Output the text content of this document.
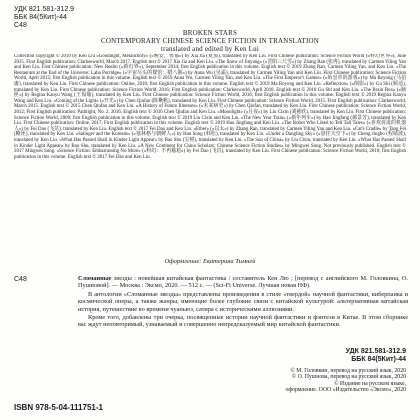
УДК 821.581-312.9
ББК 84(5Кит)-44
С48
BROKEN STARS
CONTEMPORARY CHINESE SCIENCE FICTION IN TRANSLATION
translated and edited by Ken Lui
Collection copyright © 2019 by Ken Liu «Goodnight, Melancholy» («晚安，忧郁») by Xia Jia (夏笳), translated by Ken Liu. First Chinese publication: Science Fiction World («科幻世界»), June 2015. First English publication: Clarkesworld, March 2017. English text © 2017 Xia Jia and Ken Liu. «The Snow of Jinyang» («晋阳三尺雪») by Zhang Ran (张冉), translated by Carmen Yiling Yan and Ken Liu. First Chinese publication: New Realm («新幻界»), September 2014; first English publication in this volume. English text © 2019 Zhang Ran, Carmen Yiling Yan, and Ken Liu. «The Restaurant at the End of the Universe: Laba Porridge» («宇宙尽头的餐馆：腊八粥») by Anna Wu (吴霜), translated by Carmen Yiling Yan and Ken Liu. First Chinese publication: Science Fiction World, April 2015; first English publication in this volume. English text © 2019 Anna Wu, Carmen Yiling Yan, and Ken Liu. «The First Emperor's Games» («始皇帝的游戏») by Ma Boyong (马伯庸), translated by Ken Liu. First Chinese publication: Online, 2010; first English publication in this volume. English text © 2019 Ma Boyong and Ken Liu. «Reflection» («倒影») by Gu Shi (顾适), translated by Ken Liu. First Chinese publication: Science Fiction World, 2016; First English publication: Clarkesworld, April 2018. English text © 2018 Gu Shi and Ken Liu. «The Brain Box» («脑匣») by Regina Kanyu Wang (王侃瑜), translated by Ken Liu. First Chinese publication: Science Fiction World, 2016; first English publication in this volume. English text © 2019 Regina Kanyu Wang and Ken Liu. «Coming of the Light» («开光») by Chen Qiufan (陈楸帆), translated by Ken Liu. First Chinese publication: Science Fiction World, 2015. First English publication: Clarkesworld, March 2015. English text © 2015 Chen Qiufan and Ken Liu. «A History of Future Illnesses» («未来病史») by Chen Qiufan, translated by Ken Liu. First Chinese publication: Science Fiction World, 2012; First English publication: Pathlight, No. 2, 2016. English text © 2016 Chen Qiufan and Ken Liu. «Moonlight» («月夜») by Liu Cixin (刘慈欣), translated by Ken Liu. First Chinese publication: Science Fiction World, 2009; first English publication in this volume. English text © 2019 Liu Cixin and Ken Liu. «The New Year Train» («新年列车») by Hao Jingfang (郝景芳), translated by Ken Liu. First Chinese publication: Online, 2017; First English publication in this volume. English text © 2019 Hao Jingfang and Ken Liu. «The Robot Who Liked to Tell Tall Tales» («喜欢说谎的机器人») by Fei Dao (飞氘), translated by Ken Liu. English text © 2017 Fei Dao and Ken Liu. «Ether» («以太») by Zhang Ran, translated by Carmen Yiling Yan and Ken Liu. «Cat's Cradle» by Tang Fei (糖匪), translated by Ken Liu. «Salinger and the Koreans» («塞林格与朝鲜人») by Han Song (韩松), translated by Ken Liu. «Under a Dangling Sky» («悬挂天空下») by Cheng Jingbo (程婧波), translated by Ken Liu. «What Has Passed Shall in Kinder Light Appear» by Bao Shu (宝树), translated by Ken Liu. «The Sun of China» by Liu Cixin, translated by Ken Liu. «What Has Passed Shall in Kinder Light Appear» by Bao Shu, translated by Ken Liu. «A New Continent for China Scholars: Chinese Science Fiction Studies» by Mingwei Song. Not previously published. English text © 2017 Mingwei Song. «Science Fiction: Embarrassing No More» («科幻：不再尴尬») by Fei Dao (飞氘), translated by Ken Liu. First Chinese publication: Science Fiction World, 2018; first English publication in this volume. English text © 2017 Fei Dao and Ken Liu.
Оформление: Екатерина Тимней
С48	Сломанные звезды : новейшая китайская фантастика / составитель Кен Лю ; [перевод с английского М. Головкина, О. Пушновой]. — Москва : Эксмо, 2020. — 512 с. — (Sci-Fi Universe. Лучшая новая НФ).

В антологии «Сломанные звезды» представлены произведения в стиле «твердой» научной фантастики, киберпанка и космической оперы, а также жанры, имеющие более глубокие связи с китайской культурой: альтернативная китайская история, путешествие во времени чуаньюэ, сатира с историческими аллюзиями.

Кроме того, добавлены три очерка, посвященные истории научной фантастики и фэнтези в Китае. В этом сборнике вас ждут неповторимый, узнаваемый и совершенно непредсказуемый мир китайской фантастики.

УДК 821.581-312.9
ББК 84(5Кит)-44
© М. Головкин, перевод на русский язык, 2020
© О. Пушнова, перевод на русский язык, 2020
© Издание на русском языке,
оформление. ООО «Издательство «Эксмо», 2020
ISBN 978-5-04-111751-1
